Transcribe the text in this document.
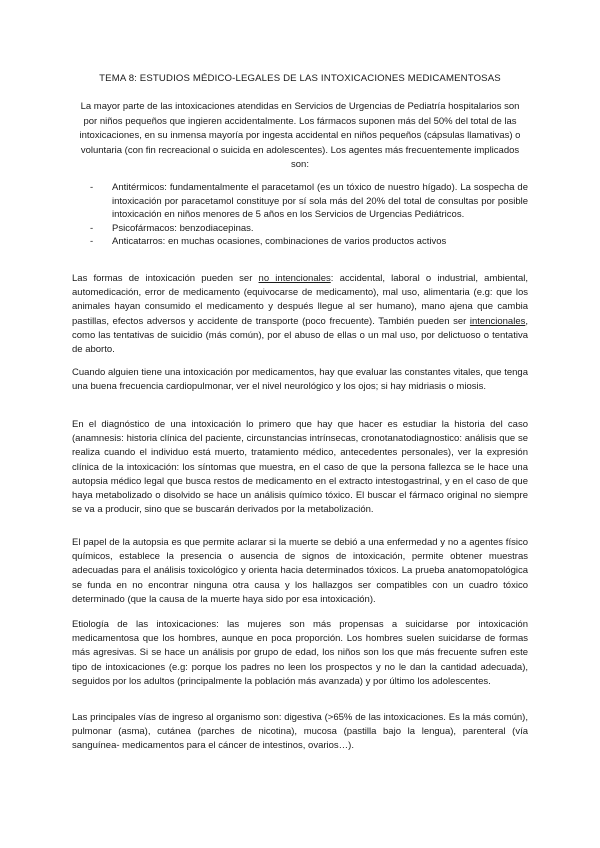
TEMA 8: ESTUDIOS MÉDICO-LEGALES DE LAS INTOXICACIONES MEDICAMENTOSAS
La mayor parte de las intoxicaciones atendidas en Servicios de Urgencias de Pediatría hospitalarios son por niños pequeños que ingieren accidentalmente. Los fármacos suponen más del 50% del total de las intoxicaciones, en su inmensa mayoría por ingesta accidental en niños pequeños (cápsulas llamativas) o voluntaria (con fin recreacional o suicida en adolescentes). Los agentes más frecuentemente implicados son:
- Antitérmicos: fundamentalmente el paracetamol (es un tóxico de nuestro hígado). La sospecha de intoxicación por paracetamol constituye por sí sola más del 20% del total de consultas por posible intoxicación en niños menores de 5 años en los Servicios de Urgencias Pediátricos.
- Psicofármacos: benzodiacepinas.
- Anticatarros: en muchas ocasiones, combinaciones de varios productos activos

Las formas de intoxicación pueden ser no intencionales: accidental, laboral o industrial, ambiental, automedicación, error de medicamento (equivocarse de medicamento), mal uso, alimentaria (e.g: que los animales hayan consumido el medicamento y después llegue al ser humano), mano ajena que cambia pastillas, efectos adversos y accidente de transporte (poco frecuente). También pueden ser intencionales, como las tentativas de suicidio (más común), por el abuso de ellas o un mal uso, por delictuoso o tentativa de aborto.

Cuando alguien tiene una intoxicación por medicamentos, hay que evaluar las constantes vitales, que tenga una buena frecuencia cardiopulmonar, ver el nivel neurológico y los ojos; si hay midriasis o miosis.

En el diagnóstico de una intoxicación lo primero que hay que hacer es estudiar la historia del caso (anamnesis: historia clínica del paciente, circunstancias intrínsecas, cronotanatodiagnostico: análisis que se realiza cuando el individuo está muerto, tratamiento médico, antecedentes personales), ver la expresión clínica de la intoxicación: los síntomas que muestra, en el caso de que la persona fallezca se le hace una autopsia médico legal que busca restos de medicamento en el extracto intestogastrinal, y en el caso de que haya metabolizado o disolvido se hace un análisis químico tóxico. El buscar el fármaco original no siempre se va a producir, sino que se buscarán derivados por la metabolización.

El papel de la autopsia es que permite aclarar si la muerte se debió a una enfermedad y no a agentes físico químicos, establece la presencia o ausencia de signos de intoxicación, permite obtener muestras adecuadas para el análisis toxicológico y orienta hacia determinados tóxicos. La prueba anatomopatológica se funda en no encontrar ninguna otra causa y los hallazgos ser compatibles con un cuadro tóxico determinado (que la causa de la muerte haya sido por esa intoxicación).

Etiología de las intoxicaciones: las mujeres son más propensas a suicidarse por intoxicación medicamentosa que los hombres, aunque en poca proporción. Los hombres suelen suicidarse de formas más agresivas. Si se hace un análisis por grupo de edad, los niños son los que más frecuente sufren este tipo de intoxicaciones (e.g: porque los padres no leen los prospectos y no le dan la cantidad adecuada), seguidos por los adultos (principalmente la población más avanzada) y por último los adolescentes.

Las principales vías de ingreso al organismo son: digestiva (>65% de las intoxicaciones. Es la más común), pulmonar (asma), cutánea (parches de nicotina), mucosa (pastilla bajo la lengua), parenteral (vía sanguínea- medicamentos para el cáncer de intestinos, ovarios…).
